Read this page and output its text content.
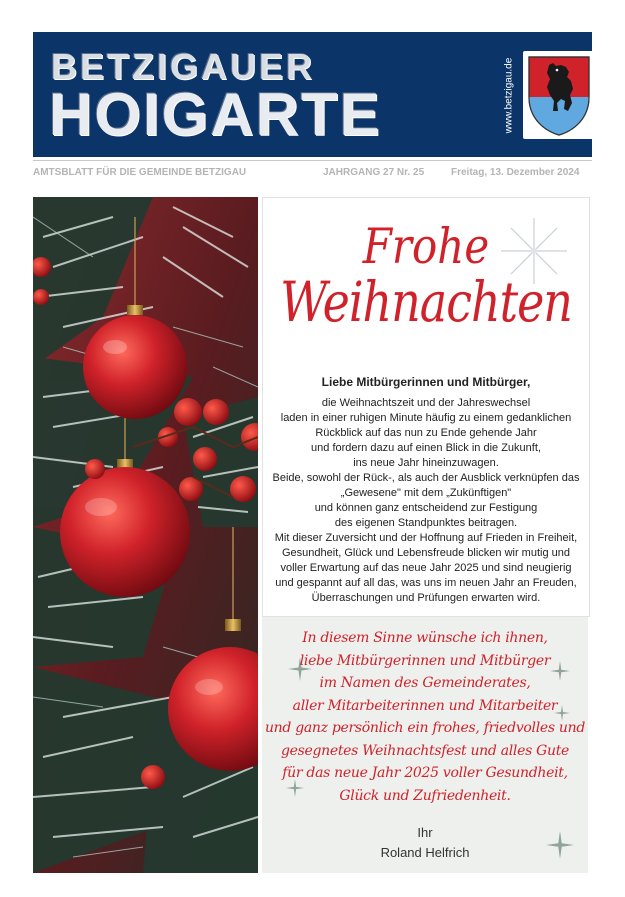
BETZIGAUER
HOIGARTE	www.betzigau.de
AMTSBLATT FÜR DIE GEMEINDE BETZIGAU	JAHRGANG 27 Nr. 25	Freitag, 13. Dezember 2024
Frohe
Weihnachten
Liebe Mitbürgerinnen und Mitbürger,
die Weihnachtszeit und der Jahreswechsel
laden in einer ruhigen Minute häufig zu einem gedanklichen
Rückblick auf das nun zu Ende gehende Jahr
und fordern dazu auf einen Blick in die Zukunft,
ins neue Jahr hineinzuwagen.
Beide, sowohl der Rück-, als auch der Ausblick verknüpfen das
„Gewesene" mit dem „Zukünftigen"
und können ganz entscheidend zur Festigung
des eigenen Standpunktes beitragen.
Mit dieser Zuversicht und der Hoffnung auf Frieden in Freiheit,
Gesundheit, Glück und Lebensfreude blicken wir mutig und
voller Erwartung auf das neue Jahr 2025 und sind neugierig
und gespannt auf all das, was uns im neuen Jahr an Freuden,
Überraschungen und Prüfungen erwarten wird.
In diesem Sinne wünsche ich ihnen,
liebe Mitbürgerinnen und Mitbürger
im Namen des Gemeinderates,
aller Mitarbeiterinnen und Mitarbeiter
und ganz persönlich ein frohes, friedvolles und
gesegnetes Weihnachtsfest und alles Gute
für das neue Jahr 2025 voller Gesundheit,
Glück und Zufriedenheit.
Ihr
Roland Helfrich
